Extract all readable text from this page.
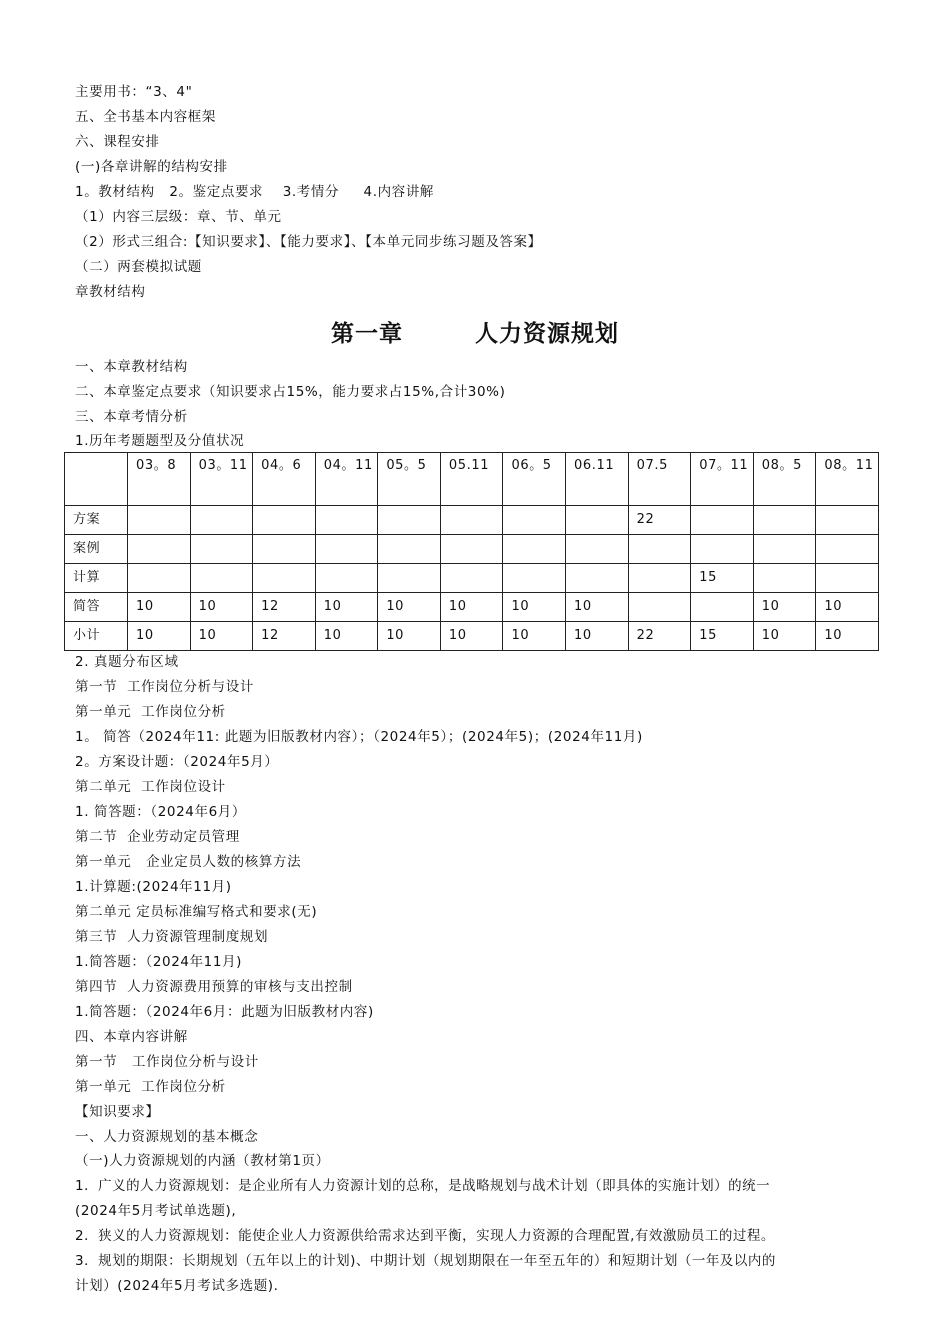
主要用书：“3、4"
五、全书基本内容框架
六、课程安排
(一)各章讲解的结构安排
1。教材结构   2。鉴定点要求    3.考情分     4.内容讲解
（1）内容三层级：章、节、单元
（2）形式三组合:【知识要求】、【能力要求】、【本单元同步练习题及答案】
（二）两套模拟试题
章教材结构
第一章        人力资源规划
一、本章教材结构
二、本章鉴定点要求（知识要求占15%，能力要求占15%,合计30%)
三、本章考情分析
1.历年考题题型及分值状况
	03。8	03。11	04。6	04。11	05。5	05.11	06。5	06.11	07.5	07。11	08。5	08。11
方案									22			
案例												
计算										15		
简答	10	10	12	10	10	10	10	10			10	10
小计	10	10	12	10	10	10	10	10	22	15	10	10
2. 真题分布区域
第一节  工作岗位分析与设计
第一单元  工作岗位分析
1。 简答（2024年11: 此题为旧版教材内容）；（2024年5）；(2024年5)；(2024年11月)
2。方案设计题：（2024年5月）
第二单元  工作岗位设计
1. 简答题：（2024年6月）
第二节  企业劳动定员管理
第一单元   企业定员人数的核算方法
1.计算题:(2024年11月)
第二单元 定员标准编写格式和要求(无)
第三节  人力资源管理制度规划
1.简答题：（2024年11月)
第四节  人力资源费用预算的审核与支出控制
1.简答题：（2024年6月：此题为旧版教材内容)
四、本章内容讲解
第一节   工作岗位分析与设计
第一单元  工作岗位分析
【知识要求】
一、人力资源规划的基本概念
（一)人力资源规划的内涵（教材第1页）
1．广义的人力资源规划：是企业所有人力资源计划的总称，是战略规划与战术计划（即具体的实施计划）的统一
(2024年5月考试单选题),
2．狭义的人力资源规划：能使企业人力资源供给需求达到平衡，实现人力资源的合理配置,有效激励员工的过程。
3．规划的期限：长期规划（五年以上的计划)、中期计划（规划期限在一年至五年的）和短期计划（一年及以内的
计划）(2024年5月考试多选题).
